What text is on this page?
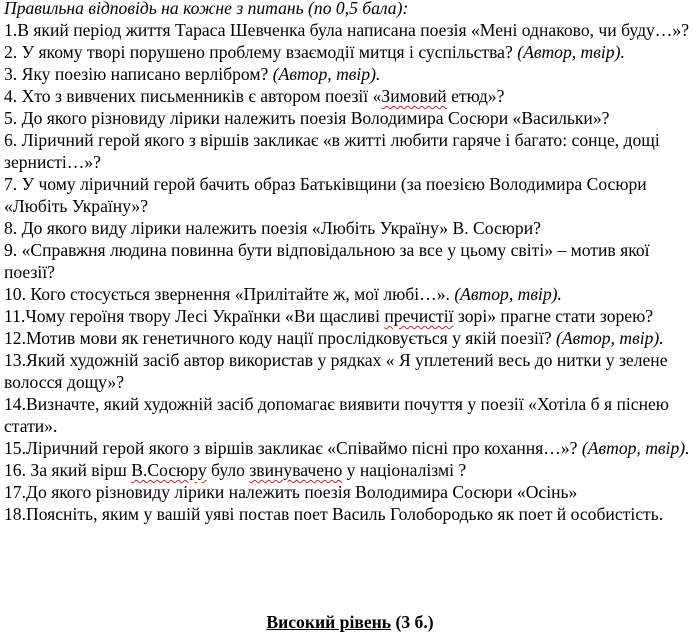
Правильна відповідь на кожне з питань (по 0,5 бала):
1.В який період життя Тараса Шевченка була написана поезія «Мені однаково, чи буду…»?
2. У якому творі порушено проблему взаємодії митця і суспільства? (Автор, твір).
3. Яку поезію написано верлібром? (Автор, твір).
4. Хто з вивчених письменників є автором поезії «Зимовий етюд»?
5. До якого різновиду лірики належить поезія Володимира Сосюри «Васильки»?
6. Ліричний герой якого з віршів закликає «в житті любити гаряче і багато: сонце, дощі зернисті…»?
7. У чому ліричний герой бачить образ Батьківщини (за поезією Володимира Сосюри «Любіть Україну»?
8. До якого виду лірики належить поезія «Любіть Україну» В. Сосюри?
9. «Справжня людина повинна бути відповідальною за все у цьому світі» – мотив якої поезії?
10. Кого стосується звернення «Прилітайте ж, мої любі…». (Автор, твір).
11.Чому героїня твору Лесі Українки «Ви щасливі пречистії зорі» прагне стати зорею?
12.Мотив мови як генетичного коду нації прослідковується у якій поезії? (Автор, твір).
13.Який художній засіб автор використав у рядках « Я уплетений весь до нитки у зелене волосся дощу»?
14.Визначте, який художній засіб допомагає виявити почуття у поезії «Хотіла б я піснею стати».
15.Ліричний герой якого з віршів закликає «Співаймо пісні про кохання…»? (Автор, твір).
16. За який вірш В.Сосюру було звинувачено у націоналізмі ?
17.До якого різновиду лірики належить поезія Володимира Сосюри «Осінь»
18.Поясніть, яким у вашій уяві постав поет Василь Голобородько як поет й особистість.
Високий рівень (3 б.)
